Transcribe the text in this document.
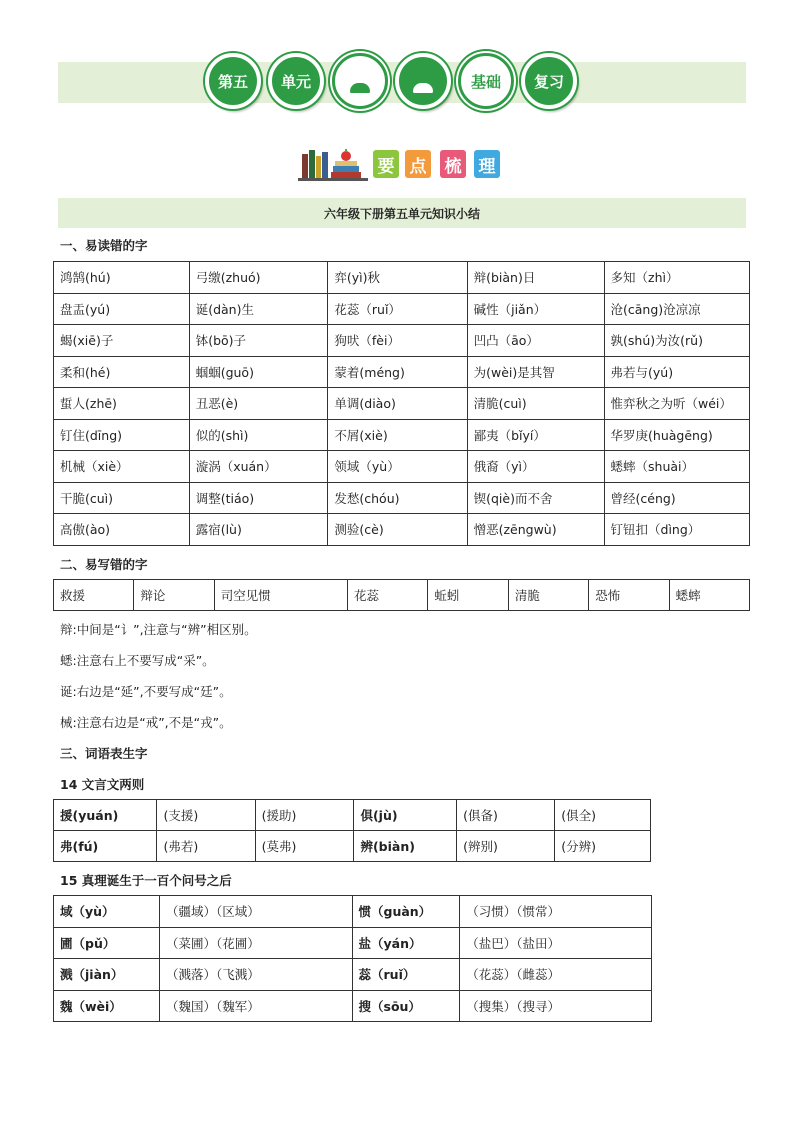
第五 单元	基础 复习
要 点 梳 理
六年级下册第五单元知识小结
一、易读错的字
鸿鹄(hú)	弓缴(zhuó)	弈(yì)秋	辩(biàn)日	多知（zhì）
盘盂(yú)	诞(dàn)生	花蕊（ruǐ）	碱性（jiǎn）	沧(cāng)沧凉凉
蝎(xiē)子	钵(bō)子	狗吠（fèi）	凹凸（āo）	孰(shú)为汝(rǔ)
柔和(hé)	蝈蝈(guō)	蒙着(méng)	为(wèi)是其智	弗若与(yú)
蜇人(zhē)	丑恶(è)	单调(diào)	清脆(cuì)	惟弈秋之为听（wéi）
钉住(dīng)	似的(shì)	不屑(xiè)	鄙夷（bǐyí）	华罗庚(huàgēng)
机械（xiè）	漩涡（xuán）	领域（yù）	俄裔（yì）	蟋蟀（shuài）
干脆(cuì)	调整(tiáo)	发愁(chóu)	锲(qiè)而不舍	曾经(céng)
高傲(ào)	露宿(lù)	测验(cè)	憎恶(zēngwù)	钉钮扣（dìng）
二、易写错的字
救援	辩论	司空见惯	花蕊	蚯蚓	清脆	恐怖	蟋蟀
辩:中间是“讠”,注意与“辨”相区别。
蟋:注意右上不要写成“采”。
诞:右边是“延”,不要写成“廷”。
械:注意右边是“戒”,不是“戎”。
三、词语表生字
14 文言文两则
援(yuán)	(支援)	(援助)	俱(jù)	(俱备)	(俱全)
弗(fú)	(弗若)	(莫弗)	辨(biàn)	(辨别)	(分辨)
15 真理诞生于一百个问号之后
域（yù）	（疆域）（区域）	惯（guàn）	（习惯）（惯常）
圃（pǔ）	（菜圃）（花圃）	盐（yán）	（盐巴）（盐田）
溅（jiàn）	（溅落）（飞溅）	蕊（ruǐ）	（花蕊）（雌蕊）
魏（wèi）	（魏国）（魏军）	搜（sōu）	（搜集）（搜寻）
